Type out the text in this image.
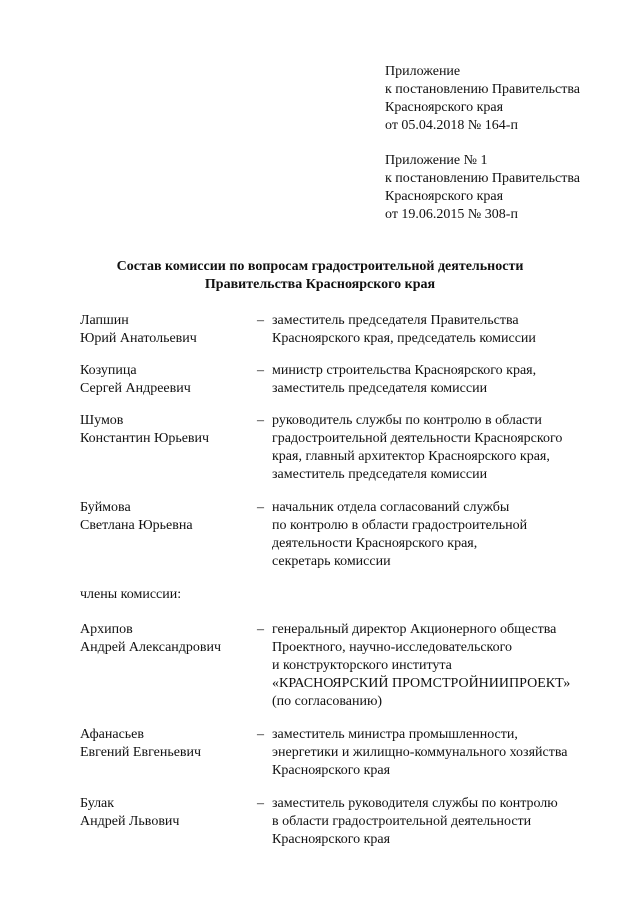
Приложение
к постановлению Правительства
Красноярского края
от 05.04.2018 № 164-п
Приложение № 1
к постановлению Правительства
Красноярского края
от 19.06.2015 № 308-п
Состав комиссии по вопросам градостроительной деятельности
Правительства Красноярского края
Лапшин
Юрий Анатольевич
– заместитель председателя Правительства
Красноярского края, председатель комиссии
Козупица
Сергей Андреевич
– министр строительства Красноярского края,
заместитель председателя комиссии
Шумов
Константин Юрьевич
– руководитель службы по контролю в области
градостроительной деятельности Красноярского
края, главный архитектор Красноярского края,
заместитель председателя комиссии
Буймова
Светлана Юрьевна
– начальник отдела согласований службы
по контролю в области градостроительной
деятельности Красноярского края,
секретарь комиссии
члены комиссии:
Архипов
Андрей Александрович
– генеральный директор Акционерного общества
Проектного, научно-исследовательского
и конструкторского института
«КРАСНОЯРСКИЙ ПРОМСТРОЙНИИПРОЕКТ»
(по согласованию)
Афанасьев
Евгений Евгеньевич
– заместитель министра промышленности,
энергетики и жилищно-коммунального хозяйства
Красноярского края
Булак
Андрей Львович
– заместитель руководителя службы по контролю
в области градостроительной деятельности
Красноярского края
